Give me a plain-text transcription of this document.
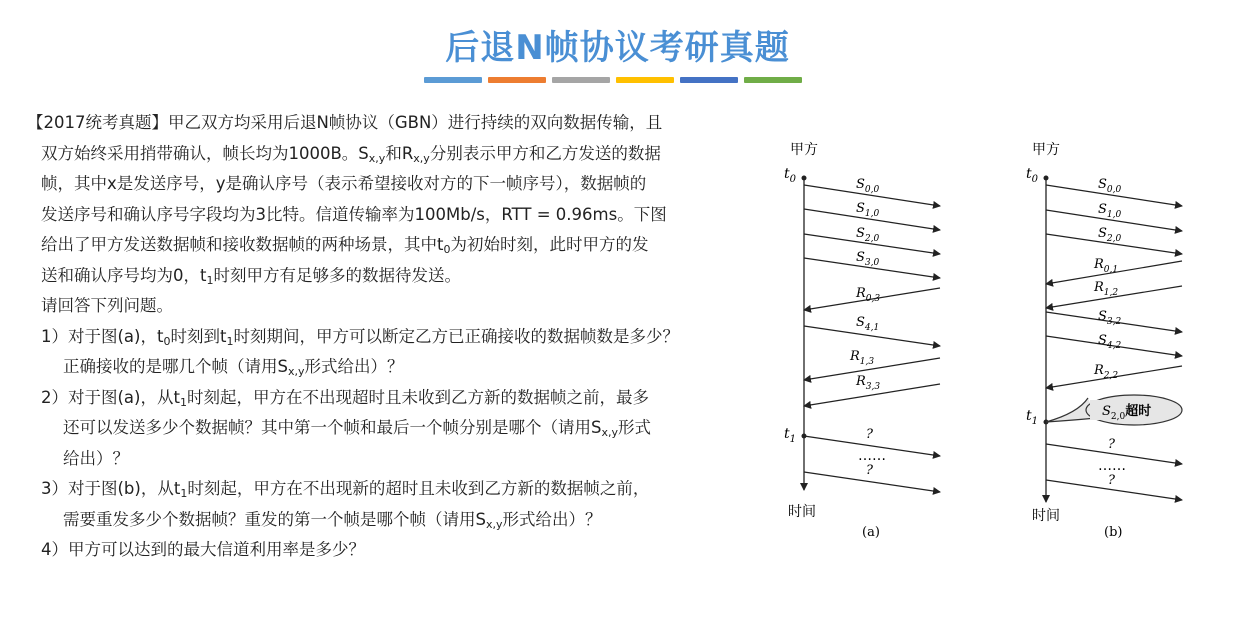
后退N帧协议考研真题

【2017统考真题】甲乙双方均采用后退N帧协议（GBN）进行持续的双向数据传输，且

双方始终采用捎带确认，帧长均为1000B。$S_{x,y}$和$R_{x,y}$分别表示甲方和乙方发送的数据

帧，其中x是发送序号，y是确认序号（表示希望接收对方的下一帧序号），数据帧的

发送序号和确认序号字段均为3比特。信道传输率为100Mb/s，RTT = 0.96ms。下图

给出了甲方发送数据帧和接收数据帧的两种场景，其中$t_0$为初始时刻，此时甲方的发

送和确认序号均为0，$t_1$时刻甲方有足够多的数据待发送。

请回答下列问题。

1）对于图(a)，$t_0$时刻到$t_1$时刻期间，甲方可以断定乙方已正确接收的数据帧数是多少？

正确接收的是哪几个帧（请用$S_{x,y}$形式给出）？

2）对于图(a)，从$t_1$时刻起，甲方在不出现超时且未收到乙方新的数据帧之前，最多

还可以发送多少个数据帧？其中第一个帧和最后一个帧分别是哪个（请用$S_{x,y}$形式

给出）？

3）对于图(b)，从$t_1$时刻起，甲方在不出现新的超时且未收到乙方新的数据帧之前，

需要重发多少个数据帧？重发的第一个帧是哪个帧（请用$S_{x,y}$形式给出）？

4）甲方可以达到的最大信道利用率是多少？

甲方
$t_0$
$t_1$
时间
(a)
$S_{0,0}$
$S_{1,0}$
$S_{2,0}$
$S_{3,0}$
$R_{0,3}$
$S_{4,1}$
$R_{1,3}$
$R_{3,3}$
?
……
?
甲方
$t_0$
$t_1$
时间
(b)
$S_{0,0}$
$S_{1,0}$
$S_{2,0}$
$R_{0,1}$
$R_{1,2}$
$S_{3,2}$
$S_{4,2}$
$R_{2,2}$
$S_{2,0}$超时
?
……
?
